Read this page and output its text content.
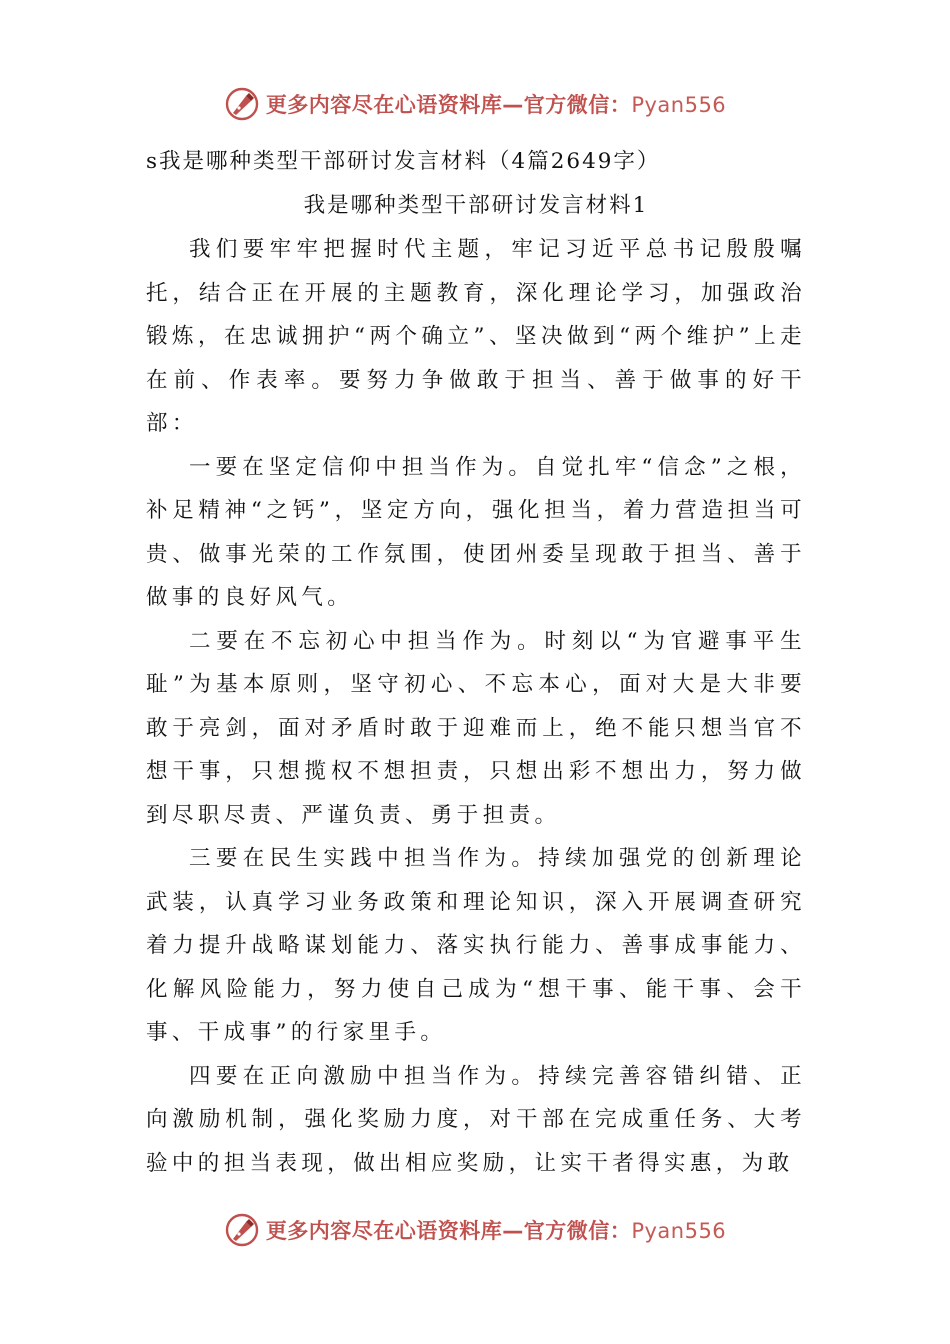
更多内容尽在心语资料库—官方微信：Pyan556

s我是哪种类型干部研讨发言材料（4篇2649字）

我是哪种类型干部研讨发言材料1

我们要牢牢把握时代主题，牢记习近平总书记殷殷嘱托，结合正在开展的主题教育，深化理论学习，加强政治锻炼，在忠诚拥护“两个确立”、坚决做到“两个维护”上走在前、作表率。要努力争做敢于担当、善于做事的好干部：

一要在坚定信仰中担当作为。自觉扎牢“信念”之根，补足精神“之钙”，坚定方向，强化担当，着力营造担当可贵、做事光荣的工作氛围，使团州委呈现敢于担当、善于做事的良好风气。

二要在不忘初心中担当作为。时刻以“为官避事平生耻”为基本原则，坚守初心、不忘本心，面对大是大非要敢于亮剑，面对矛盾时敢于迎难而上，绝不能只想当官不想干事，只想揽权不想担责，只想出彩不想出力，努力做到尽职尽责、严谨负责、勇于担责。

三要在民生实践中担当作为。持续加强党的创新理论武装，认真学习业务政策和理论知识，深入开展调查研究着力提升战略谋划能力、落实执行能力、善事成事能力、化解风险能力，努力使自己成为“想干事、能干事、会干事、干成事”的行家里手。

四要在正向激励中担当作为。持续完善容错纠错、正向激励机制，强化奖励力度，对干部在完成重任务、大考验中的担当表现，做出相应奖励，让实干者得实惠，为敢

更多内容尽在心语资料库—官方微信：Pyan556
